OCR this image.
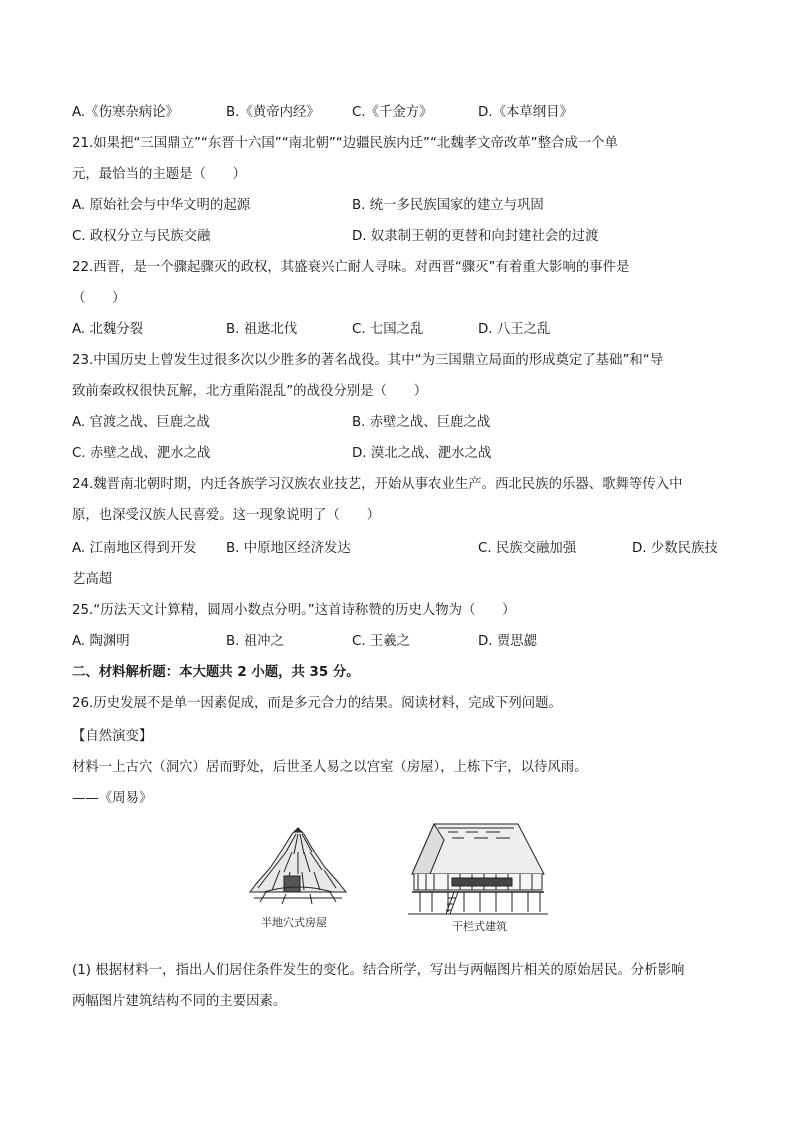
A.《伤寒杂病论》	B.《黄帝内经》 C.《千金方》	D.《本草纲目》
21.如果把“三国鼎立”“东晋十六国”“南北朝”“边疆民族内迁”“北魏孝文帝改革”整合成一个单
元，最恰当的主题是（　　）
A. 原始社会与中华文明的起源	B. 统一多民族国家的建立与巩固
C. 政权分立与民族交融	D. 奴隶制王朝的更替和向封建社会的过渡
22.西晋，是一个骤起骤灭的政权，其盛衰兴亡耐人寻味。对西晋“骤灭”有着重大影响的事件是
（　　）
A. 北魏分裂	B. 祖逖北伐	C. 七国之乱	D. 八王之乱
23.中国历史上曾发生过很多次以少胜多的著名战役。其中“为三国鼎立局面的形成奠定了基础”和“导
致前秦政权很快瓦解，北方重陷混乱”的战役分别是（　　）
A. 官渡之战、巨鹿之战	B. 赤壁之战、巨鹿之战
C. 赤壁之战、淝水之战	D. 漠北之战、淝水之战
24.魏晋南北朝时期，内迁各族学习汉族农业技艺，开始从事农业生产。西北民族的乐器、歌舞等传入中
原，也深受汉族人民喜爱。这一现象说明了（　　）
A. 江南地区得到开发 B. 中原地区经济发达	C. 民族交融加强	D. 少数民族技
艺高超
25.“历法天文计算精，圆周小数点分明。”这首诗称赞的历史人物为（　　）
A. 陶渊明	B. 祖冲之	C. 王羲之	D. 贾思勰
二、材料解析题：本大题共 2 小题，共 35 分。
26.历史发展不是单一因素促成，而是多元合力的结果。阅读材料，完成下列问题。
【自然演变】
材料一上古穴（洞穴）居而野处，后世圣人易之以宫室（房屋），上栋下宇，以待风雨。
——《周易》
半地穴式房屋	干栏式建筑
(1) 根据材料一，指出人们居住条件发生的变化。结合所学，写出与两幅图片相关的原始居民。分析影响
两幅图片建筑结构不同的主要因素。
